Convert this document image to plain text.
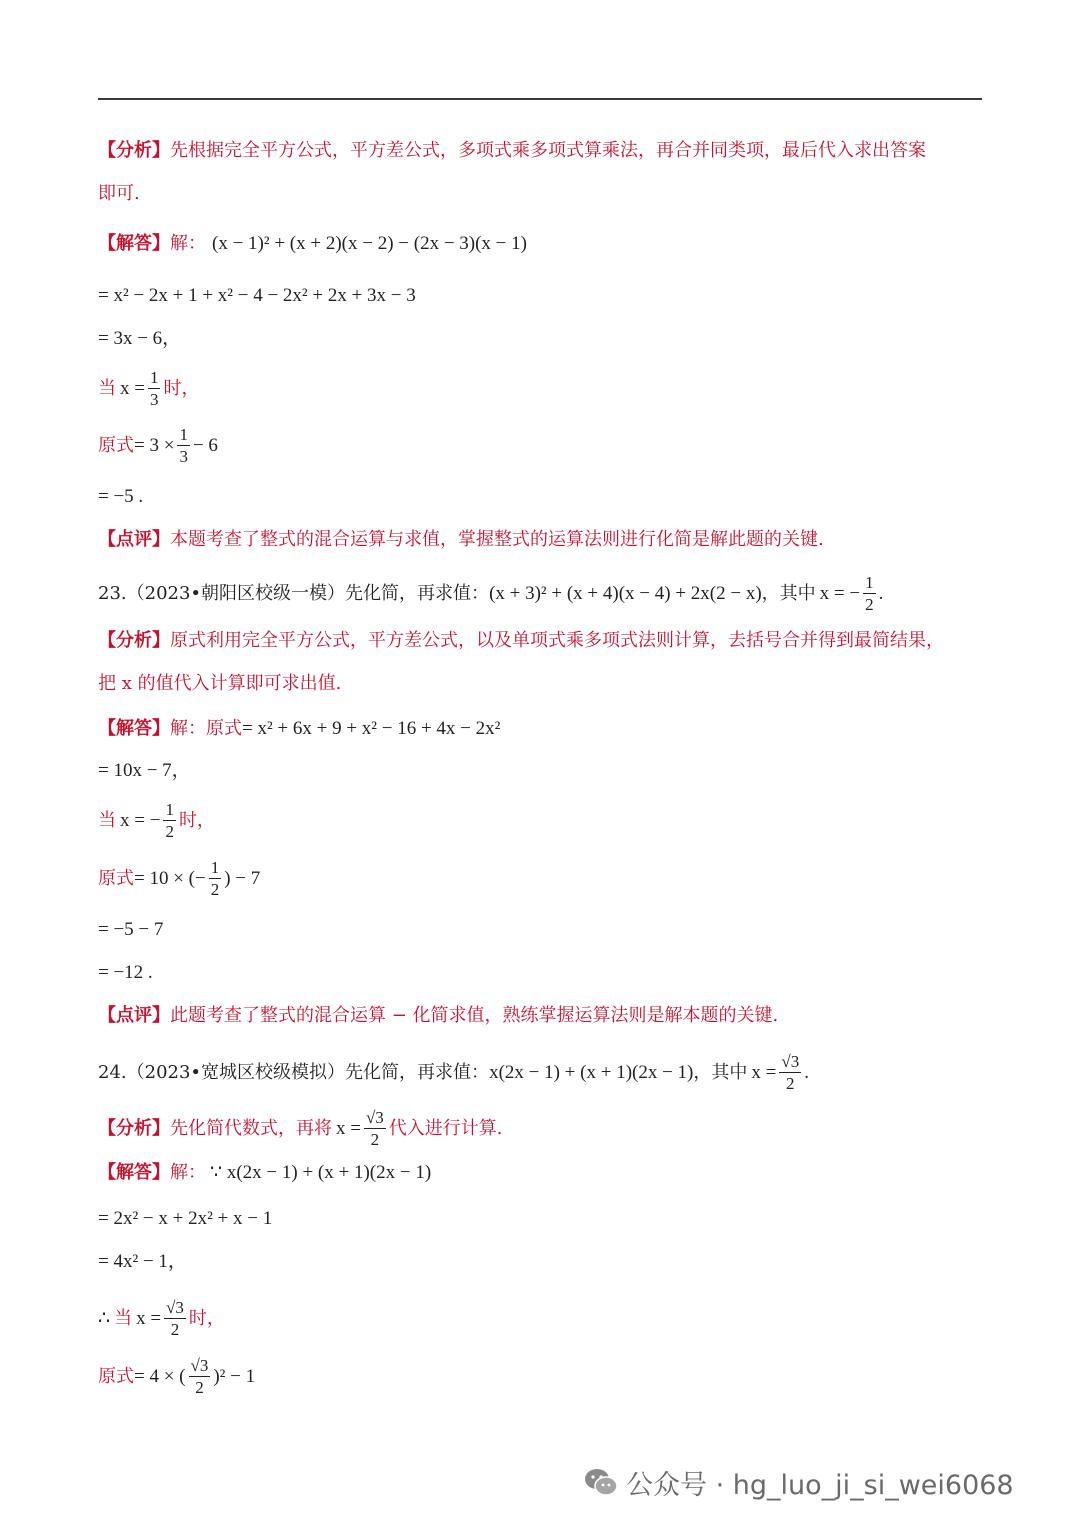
【分析】 先根据完全平方公式，平方差公式，多项式乘多项式算乘法，再合并同类项，最后代入求出答案
即可.
【解答】 解： (x − 1)² + (x + 2)(x − 2) − (2x − 3)(x − 1)
= x² − 2x + 1 + x² − 4 − 2x² + 2x + 3x − 3
= 3x − 6，
当 $x = \frac{1}{3}$ 时，
原式 = $3 \times \frac{1}{3} - 6$
= −5 .
【点评】 本题考查了整式的混合运算与求值，掌握整式的运算法则进行化简是解此题的关键.
23.（2023•朝阳区校级一模）先化简，再求值： (x + 3)² + (x + 4)(x − 4) + 2x(2 − x) ，其中 x = − $\frac{1}{2}$ .
【分析】 原式利用完全平方公式，平方差公式，以及单项式乘多项式法则计算，去括号合并得到最简结果，
把 x 的值代入计算即可求出值.
【解答】 解：原式 = x² + 6x + 9 + x² − 16 + 4x − 2x²
= 10x − 7，
当 x = − $\frac{1}{2}$ 时，
原式 = 10 × (− $\frac{1}{2}$ ) − 7
= −5 − 7
= −12 .
【点评】 此题考查了整式的混合运算 − 化简求值，熟练掌握运算法则是解本题的关键.
24.（2023•宽城区校级模拟）先化简，再求值： x(2x − 1) + (x + 1)(2x − 1) ，其中 $x = \frac{√3}{2}$ .
【分析】 先化简代数式，再将 $x = \frac{√3}{2}$ 代入进行计算.
【解答】 解： ∵ x(2x − 1) + (x + 1)(2x − 1)
= 2x² − x + 2x² + x − 1
= 4x² − 1，
∴ 当 $x = \frac{√3}{2}$ 时，
原式 = 4 × ( $\frac{√3}{2} )^2 - 1$
公众号 · hg_luo_ji_si_wei6068
